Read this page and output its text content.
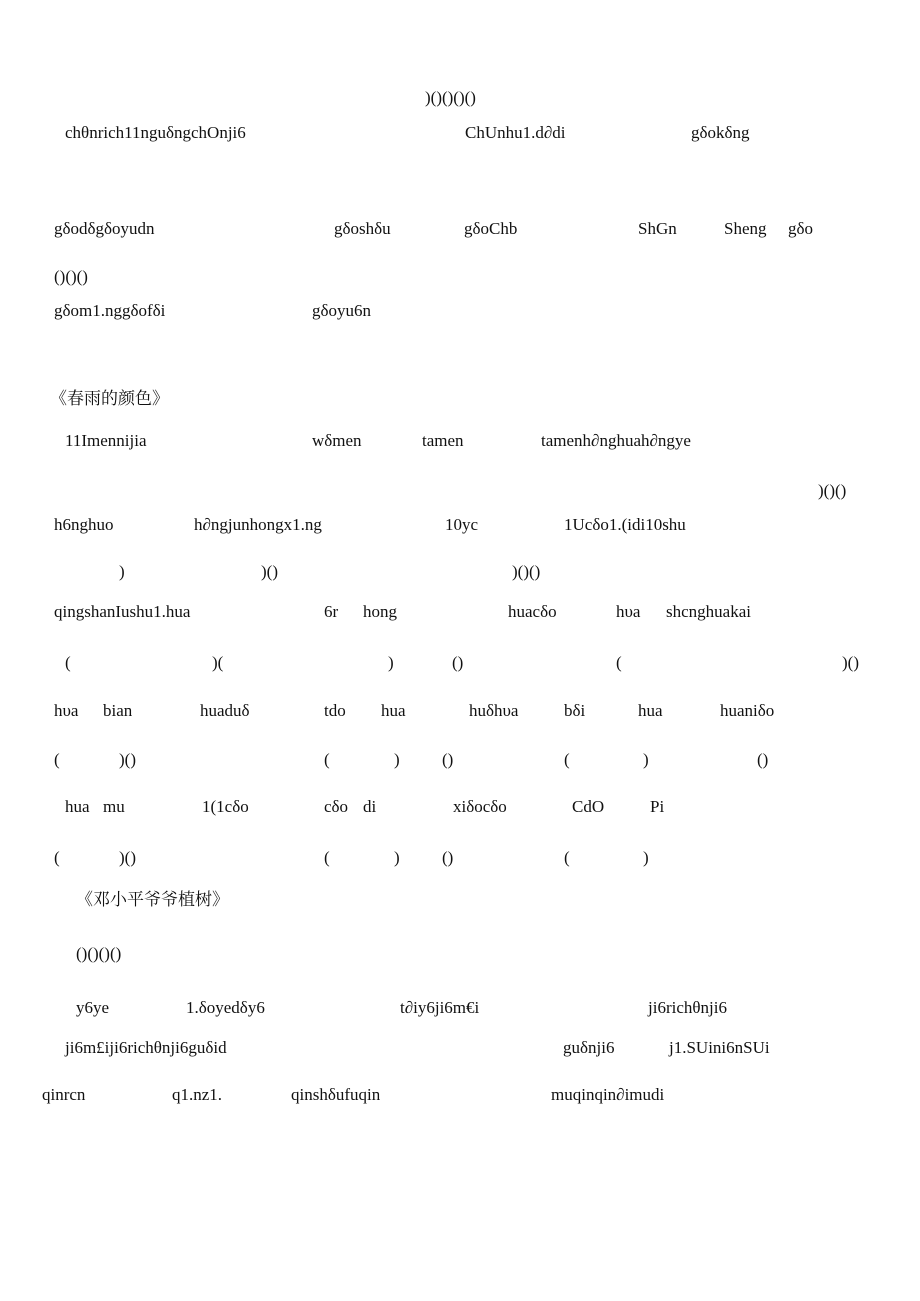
)()()()()
chθnrich11nguδngchOnji6	ChUnhu1.d∂di	gδokδng
gδodδgδoyudn	gδoshδu	gδoChb	ShGn	Sheng gδo
()()()
gδom1.nggδofδi	gδoyu6n
《春雨的颜色》
11Imennijia	wδmen	tamen	tamenh∂nghuah∂ngye
)()()
h6nghuo	h∂ngjunhongx1.ng	10yc	1Ucδo1.(idi10shu
)	)()	)()()
qingshanIushu1.hua	6r hong	huacδo	hυa shcnghuakai
(	)(	)	()	(	)()
hυa bian	huaduδ	tdo hua	huδhυa	bδi	hua	huaniδo
(	)()	(	) ()	(	)	()
hua mu	1(1cδo	cδo di	xiδocδo	CdO	Pi
(	)()	(	) ()	(	)
《邓小平爷爷植树》
()()()()
y6ye	1.δoyedδy6	t∂iy6ji6m€i	ji6richθnji6
ji6m£iji6richθnji6guδid	guδnji6	j1.SUini6nSUi
qinrcn	q1.nz1.	qinshδufuqin	muqinqin∂imudi
